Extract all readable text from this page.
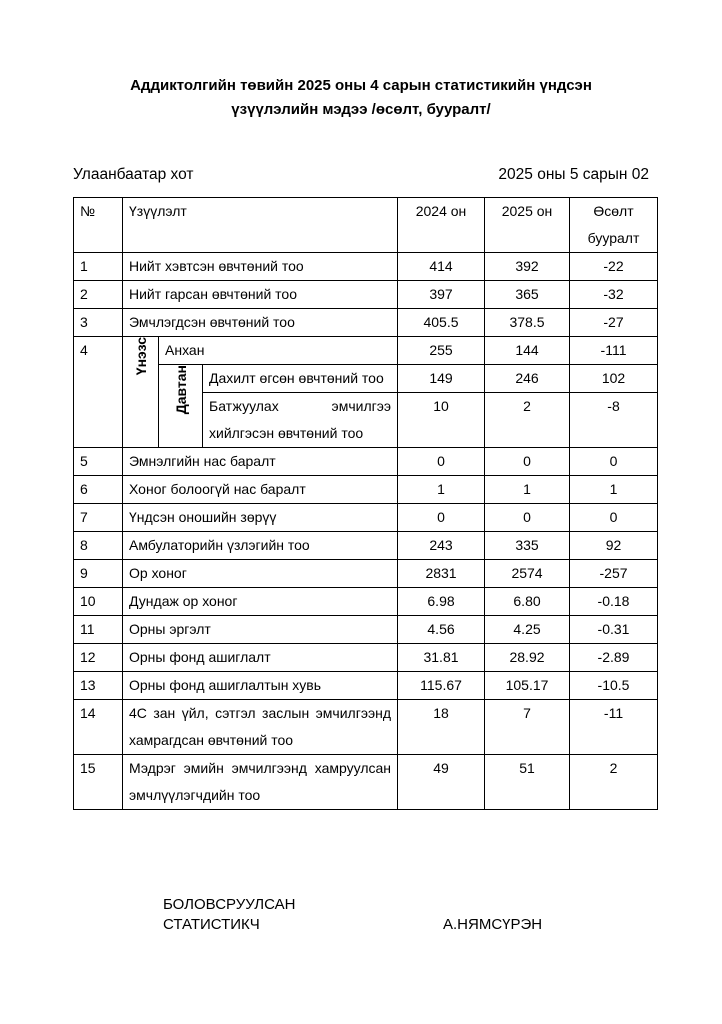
Аддиктолгийн төвийн 2025 оны 4 сарын статистикийн үндсэн
үзүүлэлийн мэдээ /өсөлт, бууралт/
Улаанбаатар хот	2025 оны 5 сарын 02
№	Үзүүлэлт			2024 он	2025 он	Өсөлт бууралт
1	Нийт хэвтсэн өвчтөний тоо			414	392	-22
2	Нийт гарсан өвчтөний тоо			397	365	-32
3	Эмчлэгдсэн өвчтөний тоо			405.5	378.5	-27
4	Үнэзс	Анхан		255	144	-111
		Давтан	Дахилт өгсөн өвчтөний тоо	149	246	102
			Батжуулах эмчилгээ хийлгэсэн өвчтөний тоо	10	2	-8
5	Эмнэлгийн нас баралт			0	0	0
6	Хоног болоогүй нас баралт			1	1	1
7	Үндсэн оношийн зөрүү			0	0	0
8	Амбулаторийн үзлэгийн тоо			243	335	92
9	Ор хоног			2831	2574	-257
10	Дундаж ор хоног			6.98	6.80	-0.18
11	Орны эргэлт			4.56	4.25	-0.31
12	Орны фонд ашиглалт			31.81	28.92	-2.89
13	Орны фонд ашиглалтын хувь			115.67	105.17	-10.5
14	4С зан үйл, сэтгэл заслын эмчилгээнд хамрагдсан өвчтөний тоо			18	7	-11
15	Мэдрэг эмийн эмчилгээнд хамруулсан эмчлүүлэгчдийн тоо			49	51	2
БОЛОВСРУУЛСАН
СТАТИСТИКЧ	А.НЯМСҮРЭН
